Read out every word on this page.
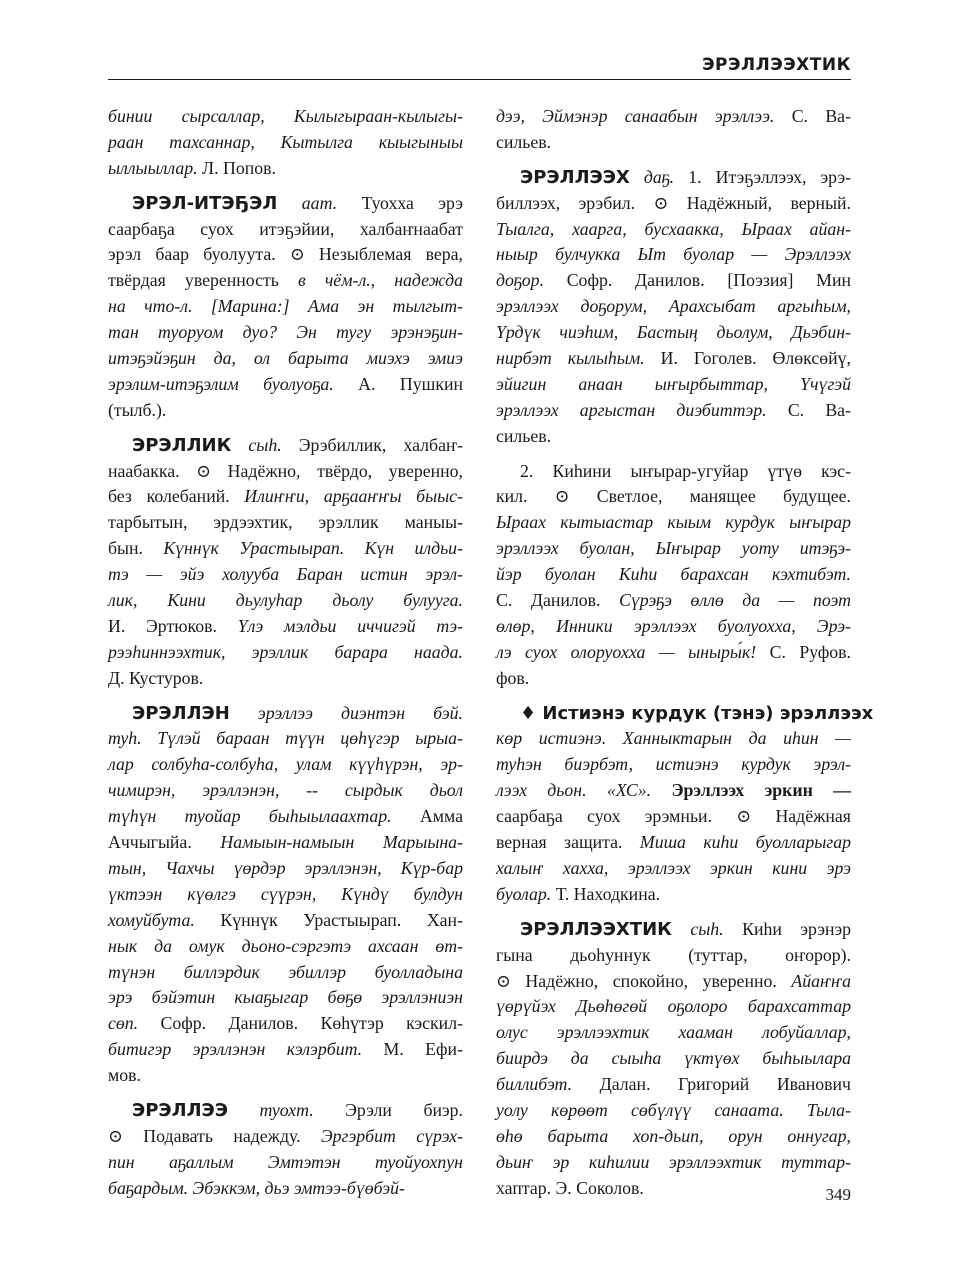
ЭРЭЛЛЭЭХТИК
бинии сырсаллар, Кылыгыраан-кылыгы-
раан тахсаннар, Кытылга кыыгыныы
ыллыыллар. Л. Попов.
ЭРЭЛ-ИТЭҔЭЛ аат. Туохха эрэ
саарбаҕа суох итэҕэйии, халбаҥнаабат
эрэл баар буолуута. ⊙ Незыблемая вера,
твёрдая уверенность в чём-л., надежда
на что-л. [Марина:] Ама эн тылгыт-
тан туоруом дуо? Эн тугу эрэнэҕин-
итэҕэйэҕин да, ол барыта миэхэ эмиэ
эрэлим-итэҕэлим буолуоҕа. А. Пушкин
(тылб.).
ЭРЭЛЛИК сыһ. Эрэбиллик, халбаҥ-
наабакка. ⊙ Надёжно, твёрдо, уверенно,
без колебаний. Илиҥҥи, арҕааҥҥы быыс-
тарбытын, эрдээхтик, эрэллик маныы-
бын. Күннүк Урастыырап. Күн илдьи-
тэ — эйэ холууба Баран истин эрэл-
лик, Кини дьулуһар дьолу булууга.
И. Эртюков. Үлэ мэлдьи иччигэй тэ-
рээһиннээхтик, эрэллик барара наада.
Д. Кустуров.
ЭРЭЛЛЭН эрэллээ диэнтэн бэй.
туһ. Түлэй бараан түүн цөһүгэр ырыа-
лар солбуһа-солбуһа, улам күүһүрэн, эр-
чимирэн, эрэллэнэн, -- сырдык дьол
түһүн туойар быһыылаахтар. Амма
Аччыгыйа. Намыын-намыын Марыына-
тын, Чахчы үөрдэр эрэллэнэн, Күр-бар
үктээн күөлгэ сүүрэн, Күндү булдун
хомуйбута. Күннүк Урастыырап. Хан-
нык да омук дьоно-сэргэтэ ахсаан өт-
түнэн биллэрдик эбиллэр буолладына
эрэ бэйэтин кыаҕыгар бөҕө эрэллэниэн
сөп. Софр. Данилов. Көһүтэр кэскил-
битигэр эрэллэнэн кэлэрбит. М. Ефи-
мов.
ЭРЭЛЛЭЭ туохт. Эрэли биэр.
⊙ Подавать надежду. Эргэрбит сүрэх-
пин аҕаллым Эмтэтэн туойуохпун
баҕардым. Эбэккэм, дьэ эмтээ-бүөбэй-
дээ, Эймэнэр санаабын эрэллээ. С. Ва-
сильев.
ЭРЭЛЛЭЭХ даҕ. 1. Итэҕэллээх, эрэ-
биллээх, эрэбил. ⊙ Надёжный, верный.
Тыалга, хаарга, бусхаакка, Ыраах айан-
ныыр булчукка Ыт буолар — Эрэллээх
доҕор. Софр. Данилов. [Поэзия] Мин
эрэллээх доҕорум, Арахсыбат аргыһым,
Үрдүк чиэһим, Бастың дьолум, Дьэбин-
нирбэт кылыһым. И. Гоголев. Өлөксөйү,
эйигин анаан ыҥырбыттар, Үчүгэй
эрэллээх аргыстан диэбиттэр. С. Ва-
сильев.
2. Киһини ыҥырар-угуйар үтүө кэс-
кил. ⊙ Светлое, манящее будущее.
Ыраах кытыастар кыым курдук ыҥырар
эрэллээх буолан, Ыҥырар уоту итэҕэ-
йэр буолан Киһи барахсан кэхтибэт.
С. Данилов. Сүрэҕэ өллө да — поэт
өлөр, Инники эрэллээх буолуохха, Эрэ-
лэ суох олоруохха — ыныры́к! С. Руфов.
фов.
♦ Истиэнэ курдук (тэнэ) эрэллээх
көр истиэнэ. Ханныктарын да иһин —
туһэн биэрбэт, истиэнэ курдук эрэл-
лээх дьон. «ХС». Эрэллээх эркин —
саарбаҕа суох эрэмньи. ⊙ Надёжная
верная защита. Миша киһи буолларыгар
халыҥ хахха, эрэллээх эркин кини эрэ
буолар. Т. Находкина.
ЭРЭЛЛЭЭХТИК сыһ. Киһи эрэнэр
гына дьоһуннук (туттар, оҥорор).
⊙ Надёжно, спокойно, уверенно. Айаҥҥа
үөрүйэх Дьөһөгөй оҕолоро барахсаттар
олус эрэллээхтик хааман лобуйаллар,
биирдэ да сыыһа үктүөх быһыылара
биллибэт. Далан. Григорий Иванович
уолу көрөөт сөбүлүү санаата. Тыла-
өһө барыта хоп-дьип, орун оннугар,
дьиҥ эр киһилии эрэллээхтик туттар-
хаптар. Э. Соколов.	349
